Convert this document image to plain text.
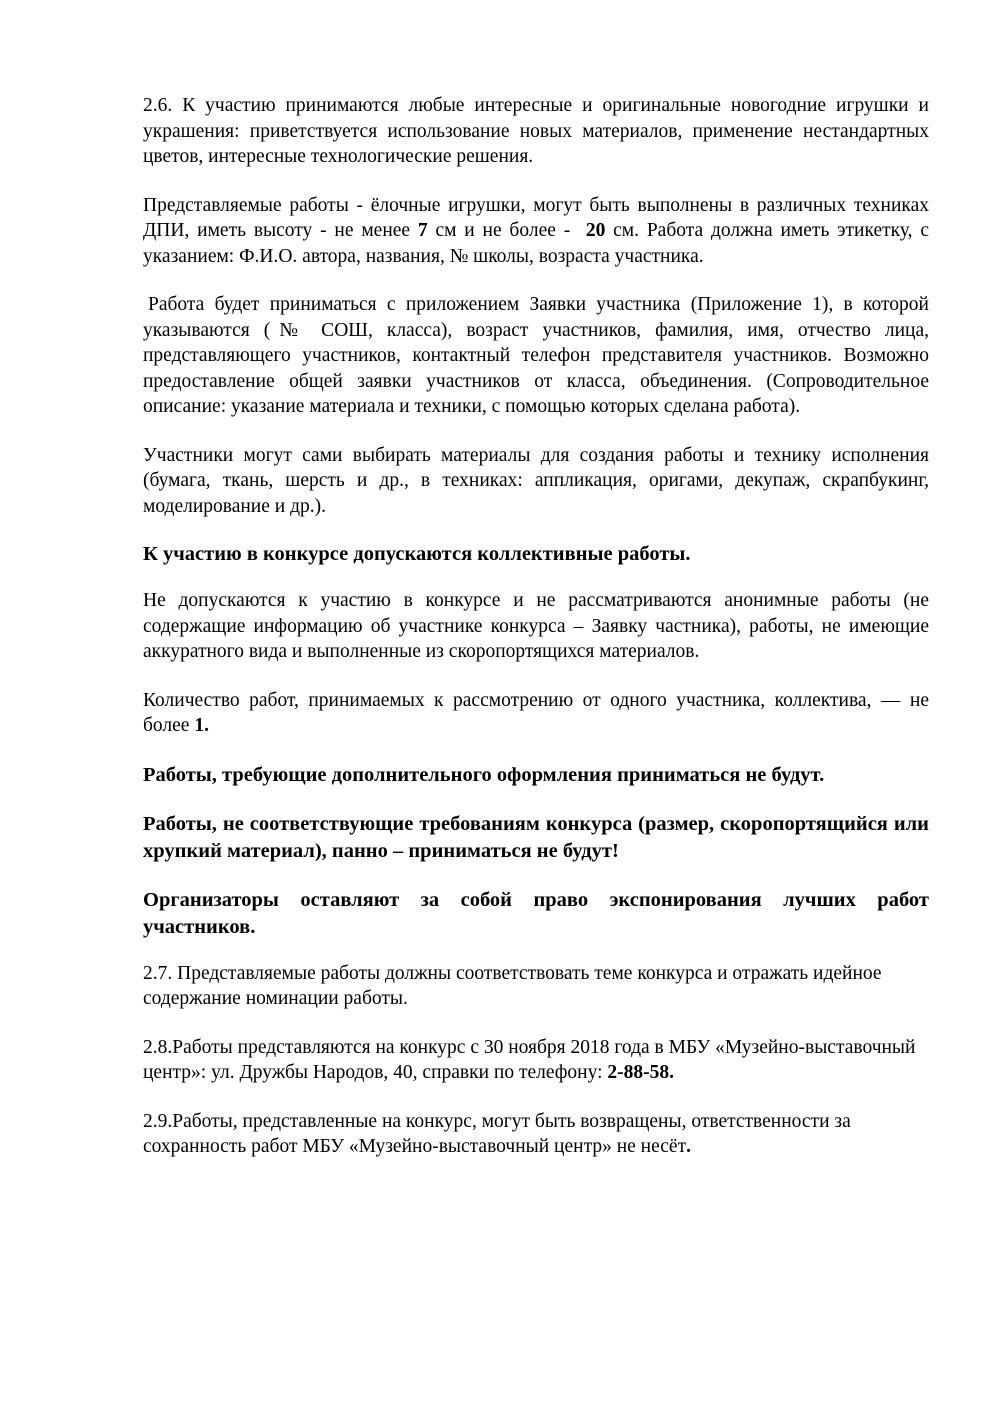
2.6. К участию принимаются любые интересные и оригинальные новогодние игрушки и украшения: приветствуется использование новых материалов, применение нестандартных цветов, интересные технологические решения.

Представляемые работы - ёлочные игрушки, могут быть выполнены в различных техниках ДПИ, иметь высоту - не менее 7 см и не более -  20 см. Работа должна иметь этикетку, с указанием: Ф.И.О. автора, названия, № школы, возраста участника.

Работа будет приниматься с приложением Заявки участника (Приложение 1), в которой указываются (№ СОШ, класса), возраст участников, фамилия, имя, отчество лица, представляющего участников, контактный телефон представителя участников. Возможно предоставление общей заявки участников от класса, объединения. (Сопроводительное описание: указание материала и техники, с помощью которых сделана работа).

Участники могут сами выбирать материалы для создания работы и технику исполнения (бумага, ткань, шерсть и др., в техниках: аппликация, оригами, декупаж, скрапбукинг, моделирование и др.).

К участию в конкурсе допускаются коллективные работы.

Не допускаются к участию в конкурсе и не рассматриваются анонимные работы (не содержащие информацию об участнике конкурса – Заявку частника), работы, не имеющие аккуратного вида и выполненные из скоропортящихся материалов.

Количество работ, принимаемых к рассмотрению от одного участника, коллектива, — не более 1.

Работы, требующие дополнительного оформления приниматься не будут.

Работы, не соответствующие требованиям конкурса (размер, скоропортящийся или хрупкий материал), панно – приниматься не будут!

Организаторы оставляют за собой право экспонирования лучших работ участников.

2.7. Представляемые работы должны соответствовать теме конкурса и отражать идейное содержание номинации работы.

2.8.Работы представляются на конкурс с 30 ноября 2018 года в МБУ «Музейно-выставочный центр»: ул. Дружбы Народов, 40, справки по телефону: 2-88-58.

2.9.Работы, представленные на конкурс, могут быть возвращены, ответственности за сохранность работ МБУ «Музейно-выставочный центр» не несёт.
